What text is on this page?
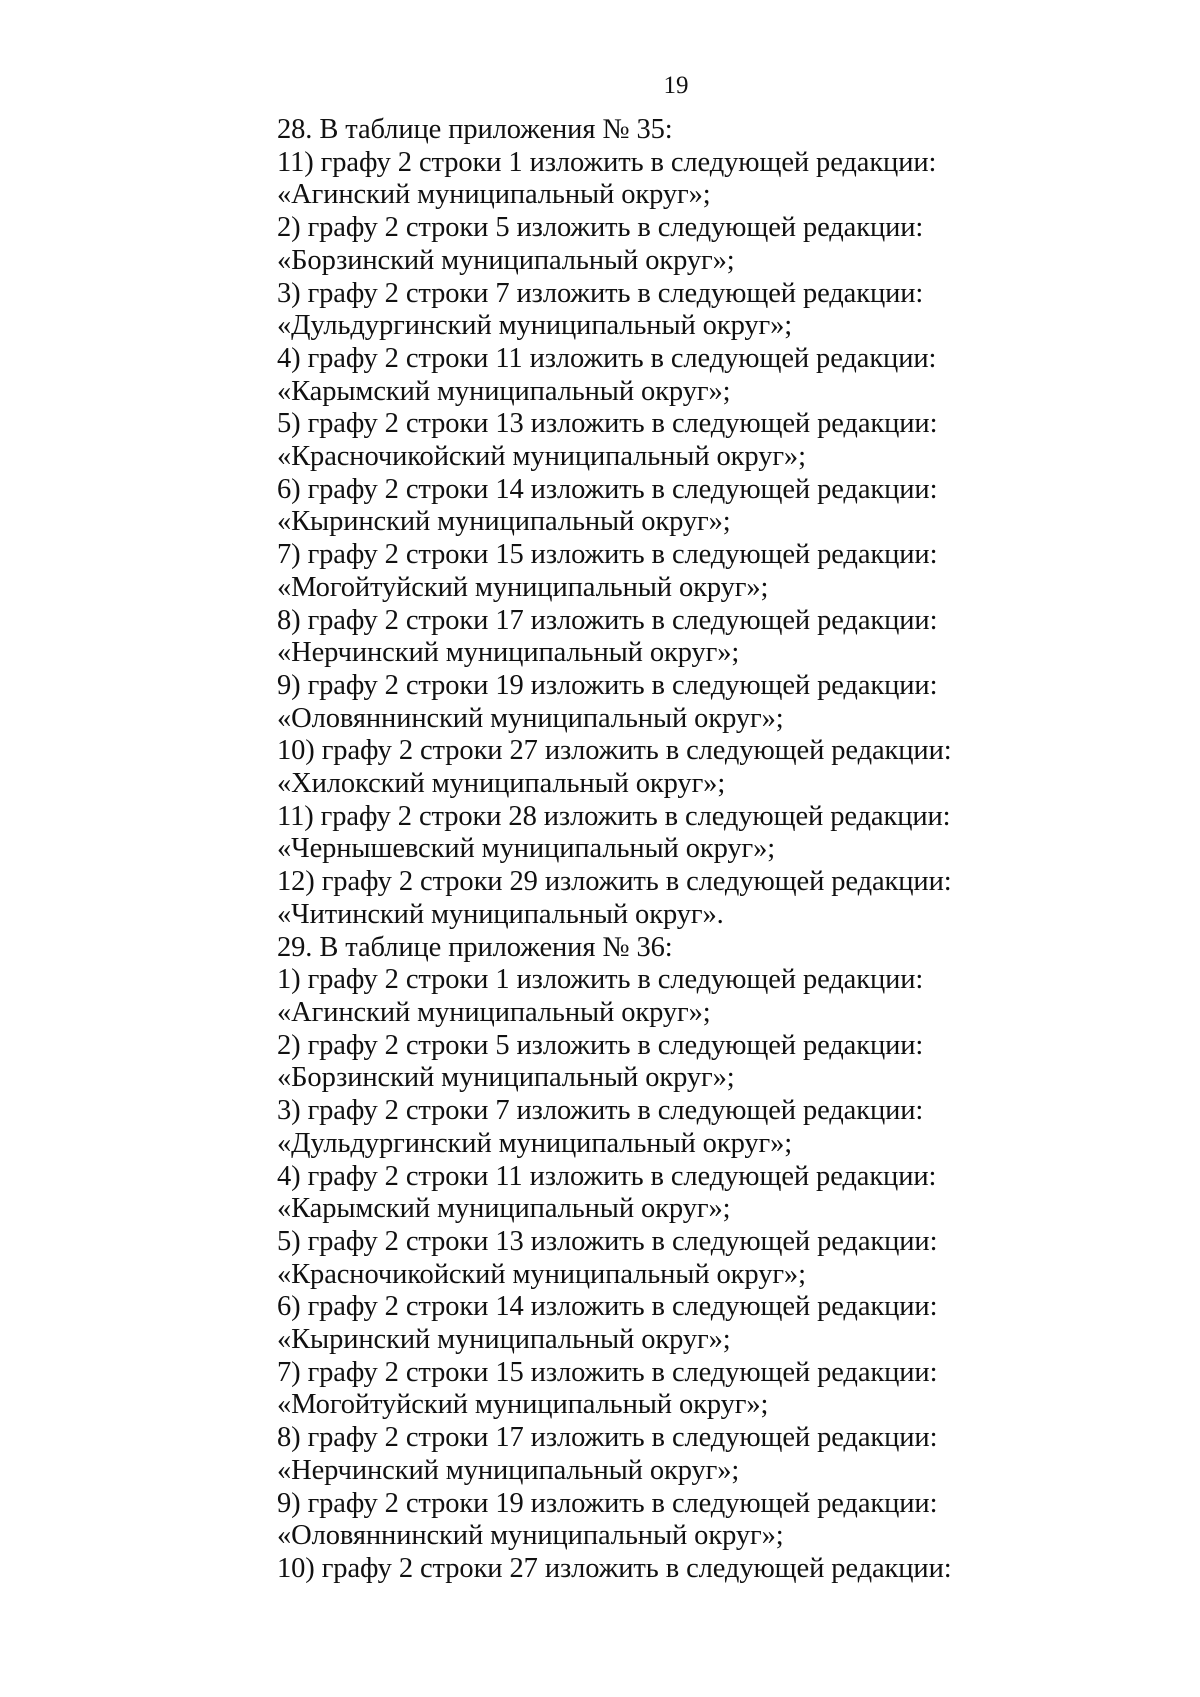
19
28. В таблице приложения № 35:
11) графу 2 строки 1 изложить в следующей редакции:
«Агинский муниципальный округ»;
2) графу 2 строки 5 изложить в следующей редакции:
«Борзинский муниципальный округ»;
3) графу 2 строки 7 изложить в следующей редакции:
«Дульдургинский муниципальный округ»;
4) графу 2 строки 11 изложить в следующей редакции:
«Карымский муниципальный округ»;
5) графу 2 строки 13 изложить в следующей редакции:
«Красночикойский муниципальный округ»;
6) графу 2 строки 14 изложить в следующей редакции:
«Кыринский муниципальный округ»;
7) графу 2 строки 15 изложить в следующей редакции:
«Могойтуйский муниципальный округ»;
8) графу 2 строки 17 изложить в следующей редакции:
«Нерчинский муниципальный округ»;
9) графу 2 строки 19 изложить в следующей редакции:
«Оловяннинский муниципальный округ»;
10) графу 2 строки 27 изложить в следующей редакции:
«Хилокский муниципальный округ»;
11) графу 2 строки 28 изложить в следующей редакции:
«Чернышевский муниципальный округ»;
12) графу 2 строки 29 изложить в следующей редакции:
«Читинский муниципальный округ».
29. В таблице приложения № 36:
1) графу 2 строки 1 изложить в следующей редакции:
«Агинский муниципальный округ»;
2) графу 2 строки 5 изложить в следующей редакции:
«Борзинский муниципальный округ»;
3) графу 2 строки 7 изложить в следующей редакции:
«Дульдургинский муниципальный округ»;
4) графу 2 строки 11 изложить в следующей редакции:
«Карымский муниципальный округ»;
5) графу 2 строки 13 изложить в следующей редакции:
«Красночикойский муниципальный округ»;
6) графу 2 строки 14 изложить в следующей редакции:
«Кыринский муниципальный округ»;
7) графу 2 строки 15 изложить в следующей редакции:
«Могойтуйский муниципальный округ»;
8) графу 2 строки 17 изложить в следующей редакции:
«Нерчинский муниципальный округ»;
9) графу 2 строки 19 изложить в следующей редакции:
«Оловяннинский муниципальный округ»;
10) графу 2 строки 27 изложить в следующей редакции:
